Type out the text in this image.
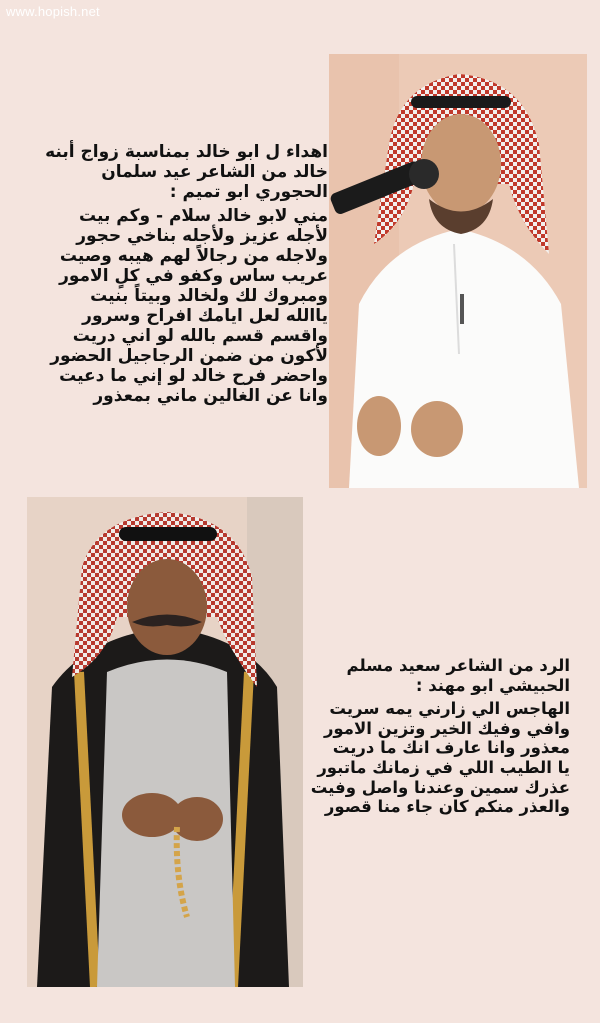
www.hopish.net
اهداء ل ابو خالد بمناسبة زواج أبنه
خالد من الشاعر عيد سلمان
الحجوري ابو تميم :
مني لابو خالد سلام - وكم بيت
لأجله عزيز ولأجله بناخي حجور
ولاجله من رجالاً لهم هيبه وصيت
عريب ساس وكفو في كلٍ الامور
ومبروك لك ولخالد وبيتاً بنيت
ياالله لعل ايامك افراح وسرور
واقسم قسم بالله لو اني دريت
لأكون من ضمن الرجاجيل الحضور
واحضر فرح خالد لو إني ما دعيت
وانا عن الغالين ماني بمعذور
الرد من الشاعر سعيد مسلم
الحبيشي ابو مهند :
الهاجس الي زارني يمه سريت
وافي وفيك الخير وتزين الامور
معذور وانا عارف انك ما دريت
يا الطيب اللي في زمانك ماتبور
عذرك سمين وعندنا واصل وفيت
والعذر منكم كان جاء منا قصور
